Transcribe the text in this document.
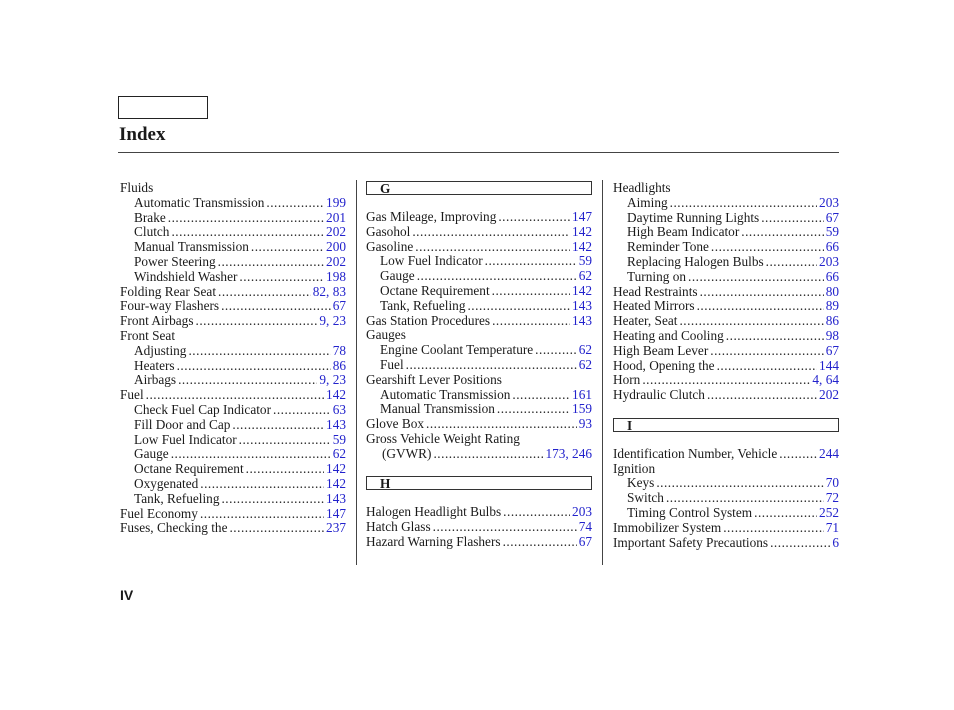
Index
Fluids
Automatic Transmission .....	199
Brake .....	201
Clutch .....	202
Manual Transmission .....	200
Power Steering .....	202
Windshield Washer .....	198
Folding Rear Seat .....	82, 83
Four-way Flashers .....	67
Front Airbags .....	9, 23
Front Seat
Adjusting .....	78
Heaters .....	86
Airbags .....	9, 23
Fuel .....	142
Check Fuel Cap Indicator .....	63
Fill Door and Cap .....	143
Low Fuel Indicator .....	59
Gauge .....	62
Octane Requirement .....	142
Oxygenated .....	142
Tank, Refueling .....	143
Fuel Economy .....	147
Fuses, Checking the .....	237
G
Gas Mileage, Improving .....	147
Gasohol .....	142
Gasoline .....	142
Low Fuel Indicator .....	59
Gauge .....	62
Octane Requirement .....	142
Tank, Refueling .....	143
Gas Station Procedures .....	143
Gauges
Engine Coolant Temperature .....	62
Fuel .....	62
Gearshift Lever Positions
Automatic Transmission .....	161
Manual Transmission .....	159
Glove Box .....	93
Gross Vehicle Weight Rating
(GVWR) .....	173, 246
H
Halogen Headlight Bulbs .....	203
Hatch Glass .....	74
Hazard Warning Flashers .....	67
Headlights
Aiming .....	203
Daytime Running Lights .....	67
High Beam Indicator .....	59
Reminder Tone .....	66
Replacing Halogen Bulbs .....	203
Turning on .....	66
Head Restraints .....	80
Heated Mirrors .....	89
Heater, Seat .....	86
Heating and Cooling .....	98
High Beam Lever .....	67
Hood, Opening the .....	144
Horn .....	4, 64
Hydraulic Clutch .....	202
I
Identification Number, Vehicle .....	244
Ignition
Keys .....	70
Switch .....	72
Timing Control System .....	252
Immobilizer System .....	71
Important Safety Precautions .....	6
IV
